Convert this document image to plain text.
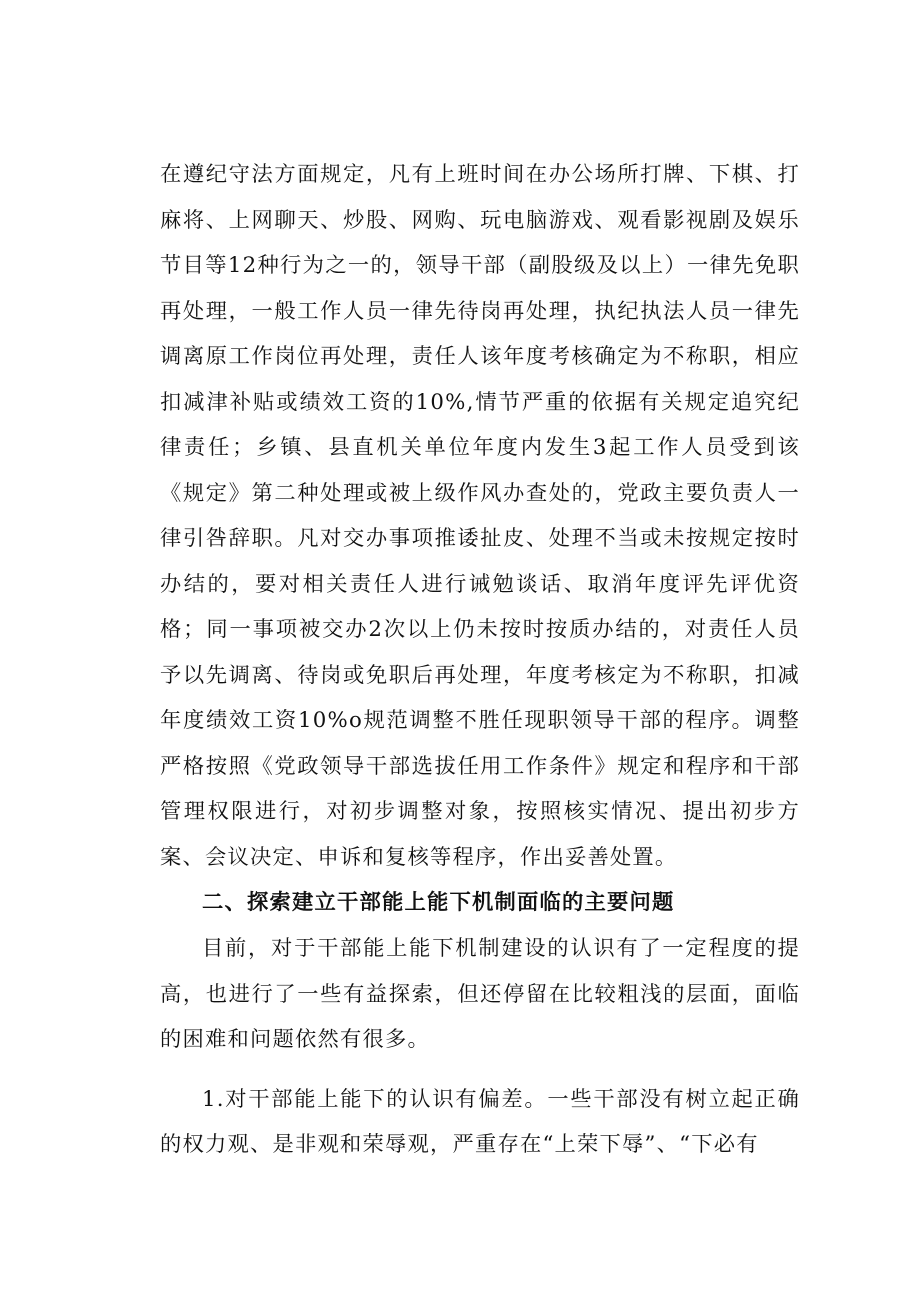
在遵纪守法方面规定，凡有上班时间在办公场所打牌、下棋、打麻将、上网聊天、炒股、网购、玩电脑游戏、观看影视剧及娱乐节目等12种行为之一的，领导干部（副股级及以上）一律先免职再处理，一般工作人员一律先待岗再处理，执纪执法人员一律先调离原工作岗位再处理，责任人该年度考核确定为不称职，相应扣减津补贴或绩效工资的10%,情节严重的依据有关规定追究纪律责任；乡镇、县直机关单位年度内发生3起工作人员受到该《规定》第二种处理或被上级作风办查处的，党政主要负责人一律引咎辞职。凡对交办事项推诿扯皮、处理不当或未按规定按时办结的，要对相关责任人进行诫勉谈话、取消年度评先评优资格；同一事项被交办2次以上仍未按时按质办结的，对责任人员予以先调离、待岗或免职后再处理，年度考核定为不称职，扣减年度绩效工资10%o规范调整不胜任现职领导干部的程序。调整严格按照《党政领导干部选拔任用工作条件》规定和程序和干部管理权限进行，对初步调整对象，按照核实情况、提出初步方案、会议决定、申诉和复核等程序，作出妥善处置。

二、探索建立干部能上能下机制面临的主要问题

目前，对于干部能上能下机制建设的认识有了一定程度的提高，也进行了一些有益探索，但还停留在比较粗浅的层面，面临的困难和问题依然有很多。

1.对干部能上能下的认识有偏差。一些干部没有树立起正确的权力观、是非观和荣辱观，严重存在“上荣下辱”、“下必有
